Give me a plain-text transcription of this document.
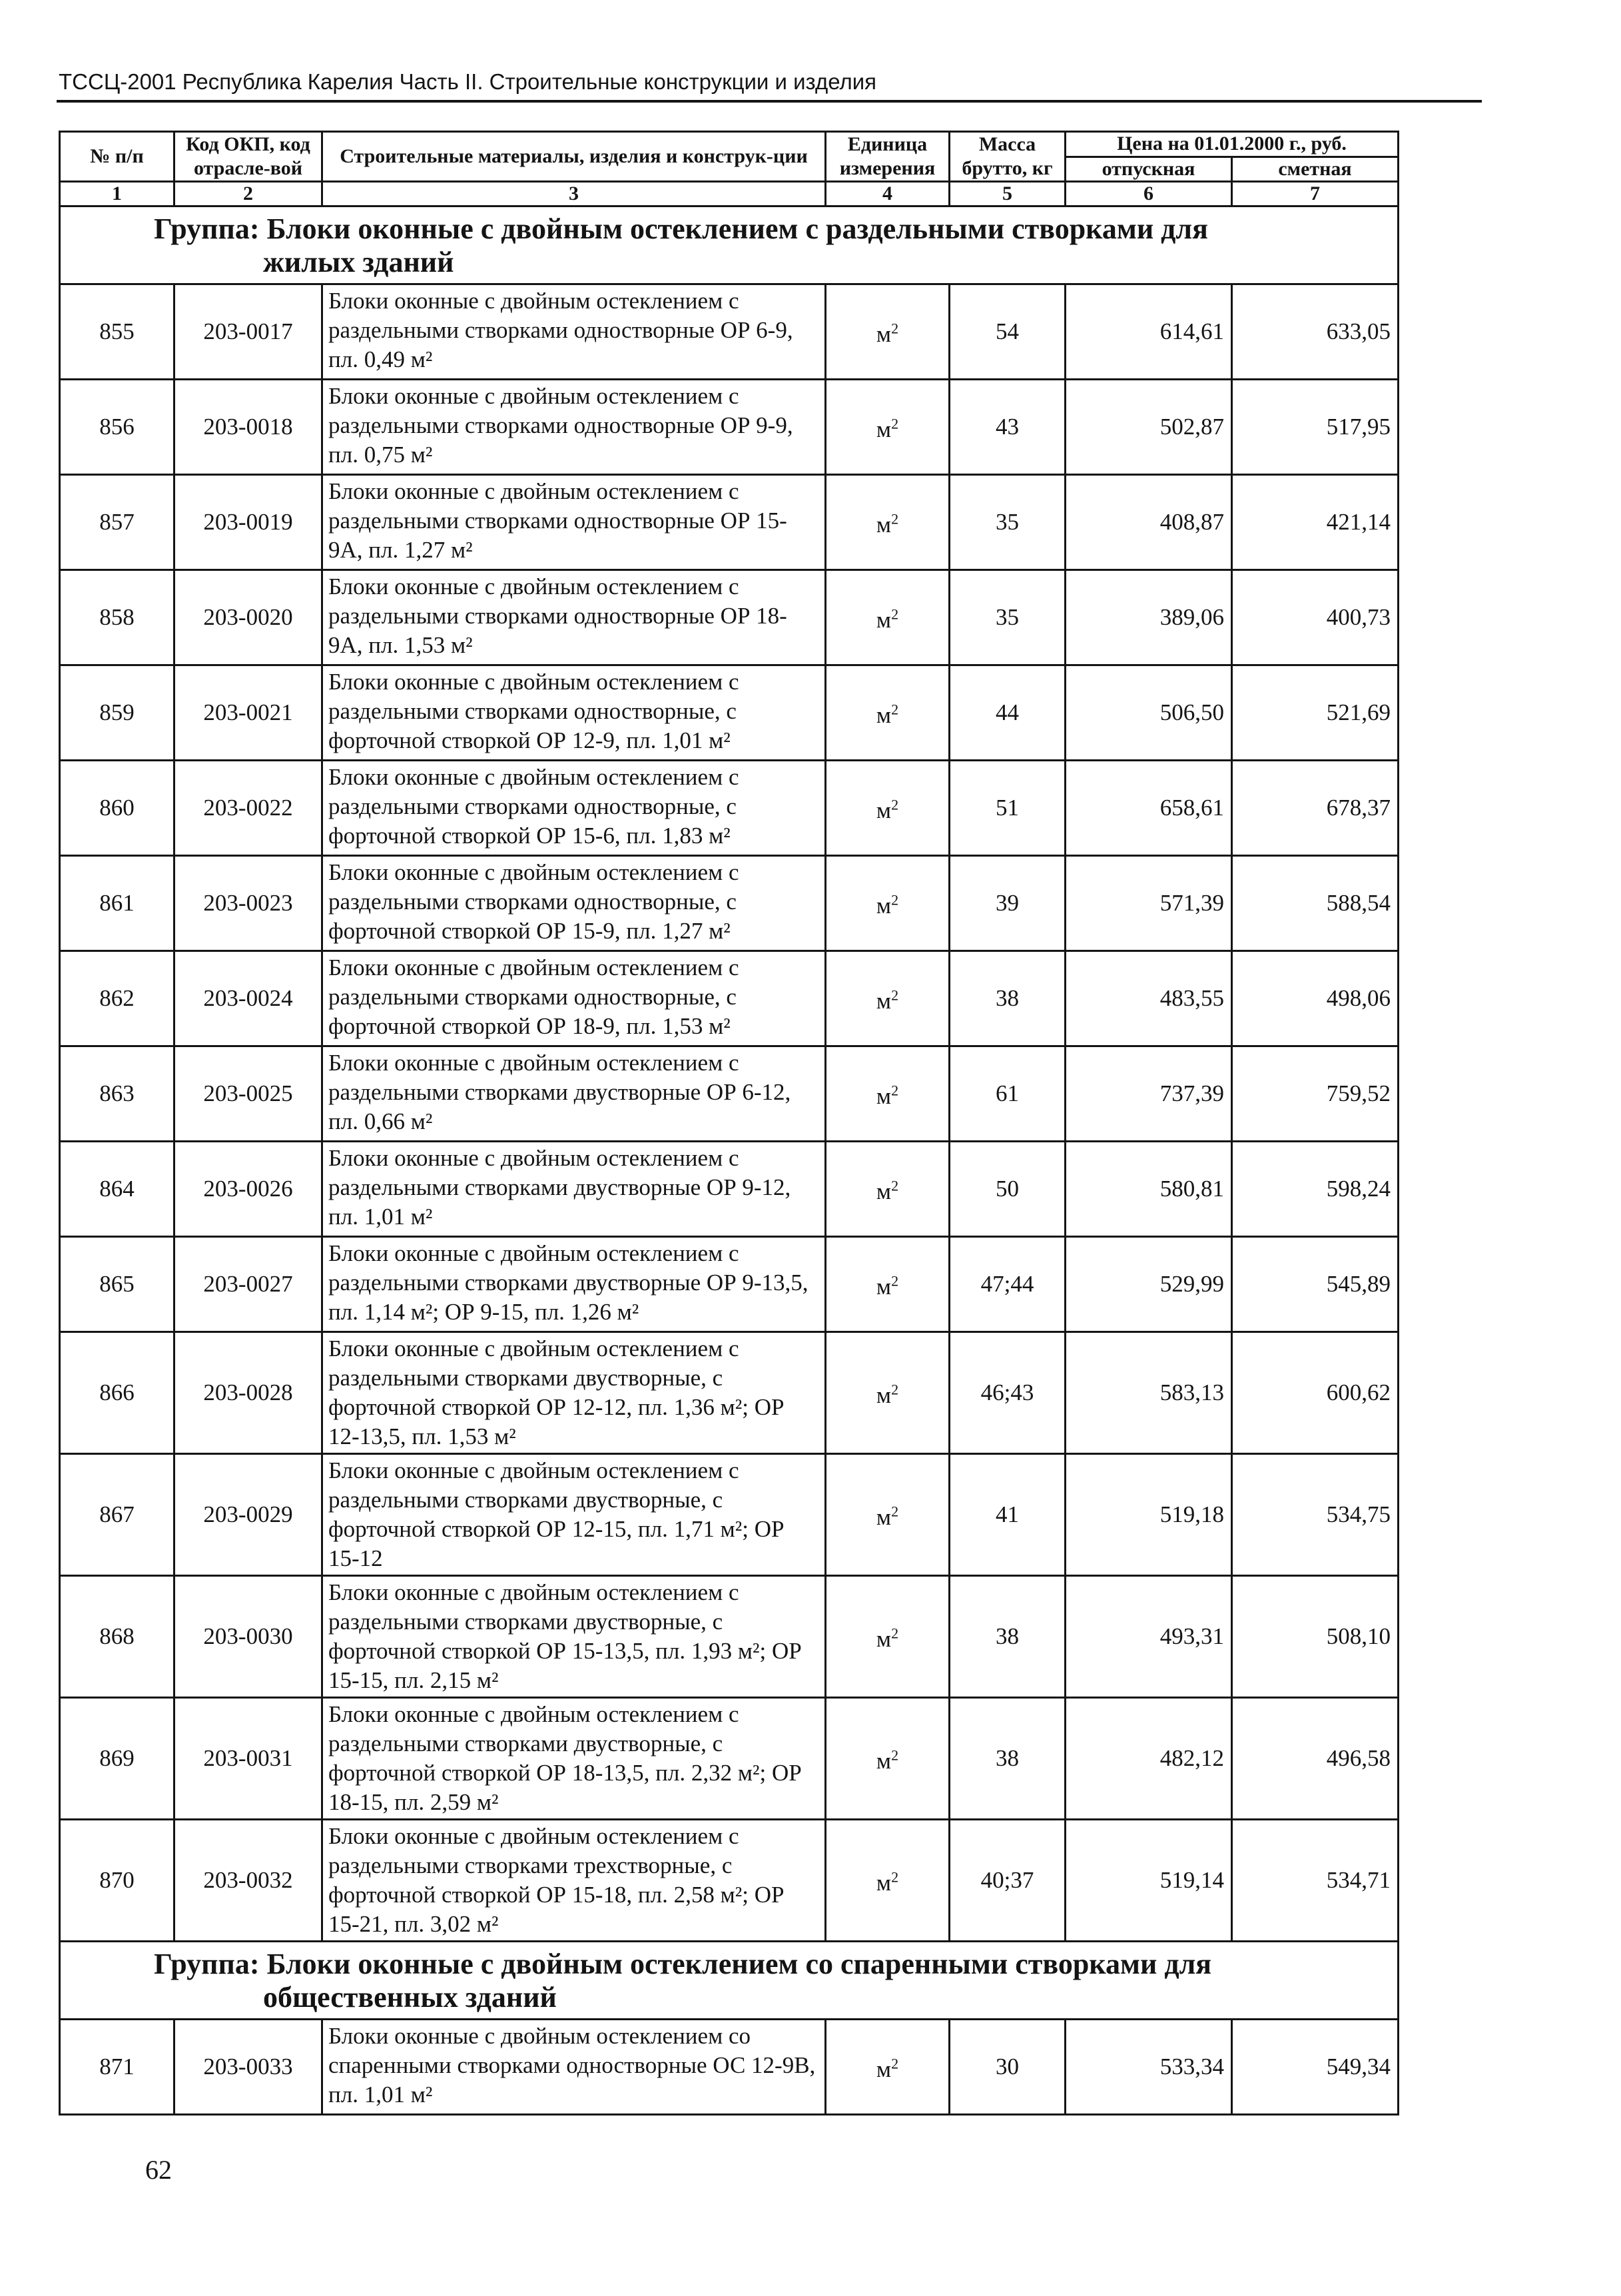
ТССЦ-2001 Республика Карелия Часть II. Строительные конструкции и изделия
№ п/п	Код ОКП, код отрасле-вой	Строительные материалы, изделия и конструк-ции	Единица измерения	Масса брутто, кг	Цена на 01.01.2000 г., руб.	
					отпускная	сметная
1	2	3	4	5	6	7

Группа: Блоки оконные с двойным остеклением с раздельными створками для
жилых зданий						

855	203-0017	Блоки оконные с двойным остеклением с раздельными створками одностворные ОР 6-9, пл. 0,49 м²	$м^2$	54	614,61	633,05
856	203-0018	Блоки оконные с двойным остеклением с раздельными створками одностворные ОР 9-9, пл. 0,75 м²	$м^2$	43	502,87	517,95
857	203-0019	Блоки оконные с двойным остеклением с раздельными створками одностворные ОР 15-9А, пл. 1,27 м²	$м^2$	35	408,87	421,14
858	203-0020	Блоки оконные с двойным остеклением с раздельными створками одностворные ОР 18-9А, пл. 1,53 м²	$м^2$	35	389,06	400,73
859	203-0021	Блоки оконные с двойным остеклением с раздельными створками одностворные, с форточной створкой ОР 12-9, пл. 1,01 м²	$м^2$	44	506,50	521,69
860	203-0022	Блоки оконные с двойным остеклением с раздельными створками одностворные, с форточной створкой ОР 15-6, пл. 1,83 м²	$м^2$	51	658,61	678,37
861	203-0023	Блоки оконные с двойным остеклением с раздельными створками одностворные, с форточной створкой ОР 15-9, пл. 1,27 м²	$м^2$	39	571,39	588,54
862	203-0024	Блоки оконные с двойным остеклением с раздельными створками одностворные, с форточной створкой ОР 18-9, пл. 1,53 м²	$м^2$	38	483,55	498,06
863	203-0025	Блоки оконные с двойным остеклением с раздельными створками двустворные ОР 6-12, пл. 0,66 м²	$м^2$	61	737,39	759,52
864	203-0026	Блоки оконные с двойным остеклением с раздельными створками двустворные ОР 9-12, пл. 1,01 м²	$м^2$	50	580,81	598,24
865	203-0027	Блоки оконные с двойным остеклением с раздельными створками двустворные ОР 9-13,5, пл. 1,14 м²; ОР 9-15, пл. 1,26 м²	$м^2$	47;44	529,99	545,89
866	203-0028	Блоки оконные с двойным остеклением с раздельными створками двустворные, с форточной створкой ОР 12-12, пл. 1,36 м²; ОР 12-13,5, пл. 1,53 м²	$м^2$	46;43	583,13	600,62
867	203-0029	Блоки оконные с двойным остеклением с раздельными створками двустворные, с форточной створкой ОР 12-15, пл. 1,71 м²; ОР 15-12	$м^2$	41	519,18	534,75
868	203-0030	Блоки оконные с двойным остеклением с раздельными створками двустворные, с форточной створкой ОР 15-13,5, пл. 1,93 м²; ОР 15-15, пл. 2,15 м²	$м^2$	38	493,31	508,10
869	203-0031	Блоки оконные с двойным остеклением с раздельными створками двустворные, с форточной створкой ОР 18-13,5, пл. 2,32 м²; ОР 18-15, пл. 2,59 м²	$м^2$	38	482,12	496,58
870	203-0032	Блоки оконные с двойным остеклением с раздельными створками трехстворные, с форточной створкой ОР 15-18, пл. 2,58 м²; ОР 15-21, пл. 3,02 м²	$м^2$	40;37	519,14	534,71

Группа: Блоки оконные с двойным остеклением со спаренными створками для
общественных зданий						

871	203-0033	Блоки оконные с двойным остеклением со спаренными створками одностворные ОС 12-9В, пл. 1,01 м²	$м^2$	30	533,34	549,34
62
